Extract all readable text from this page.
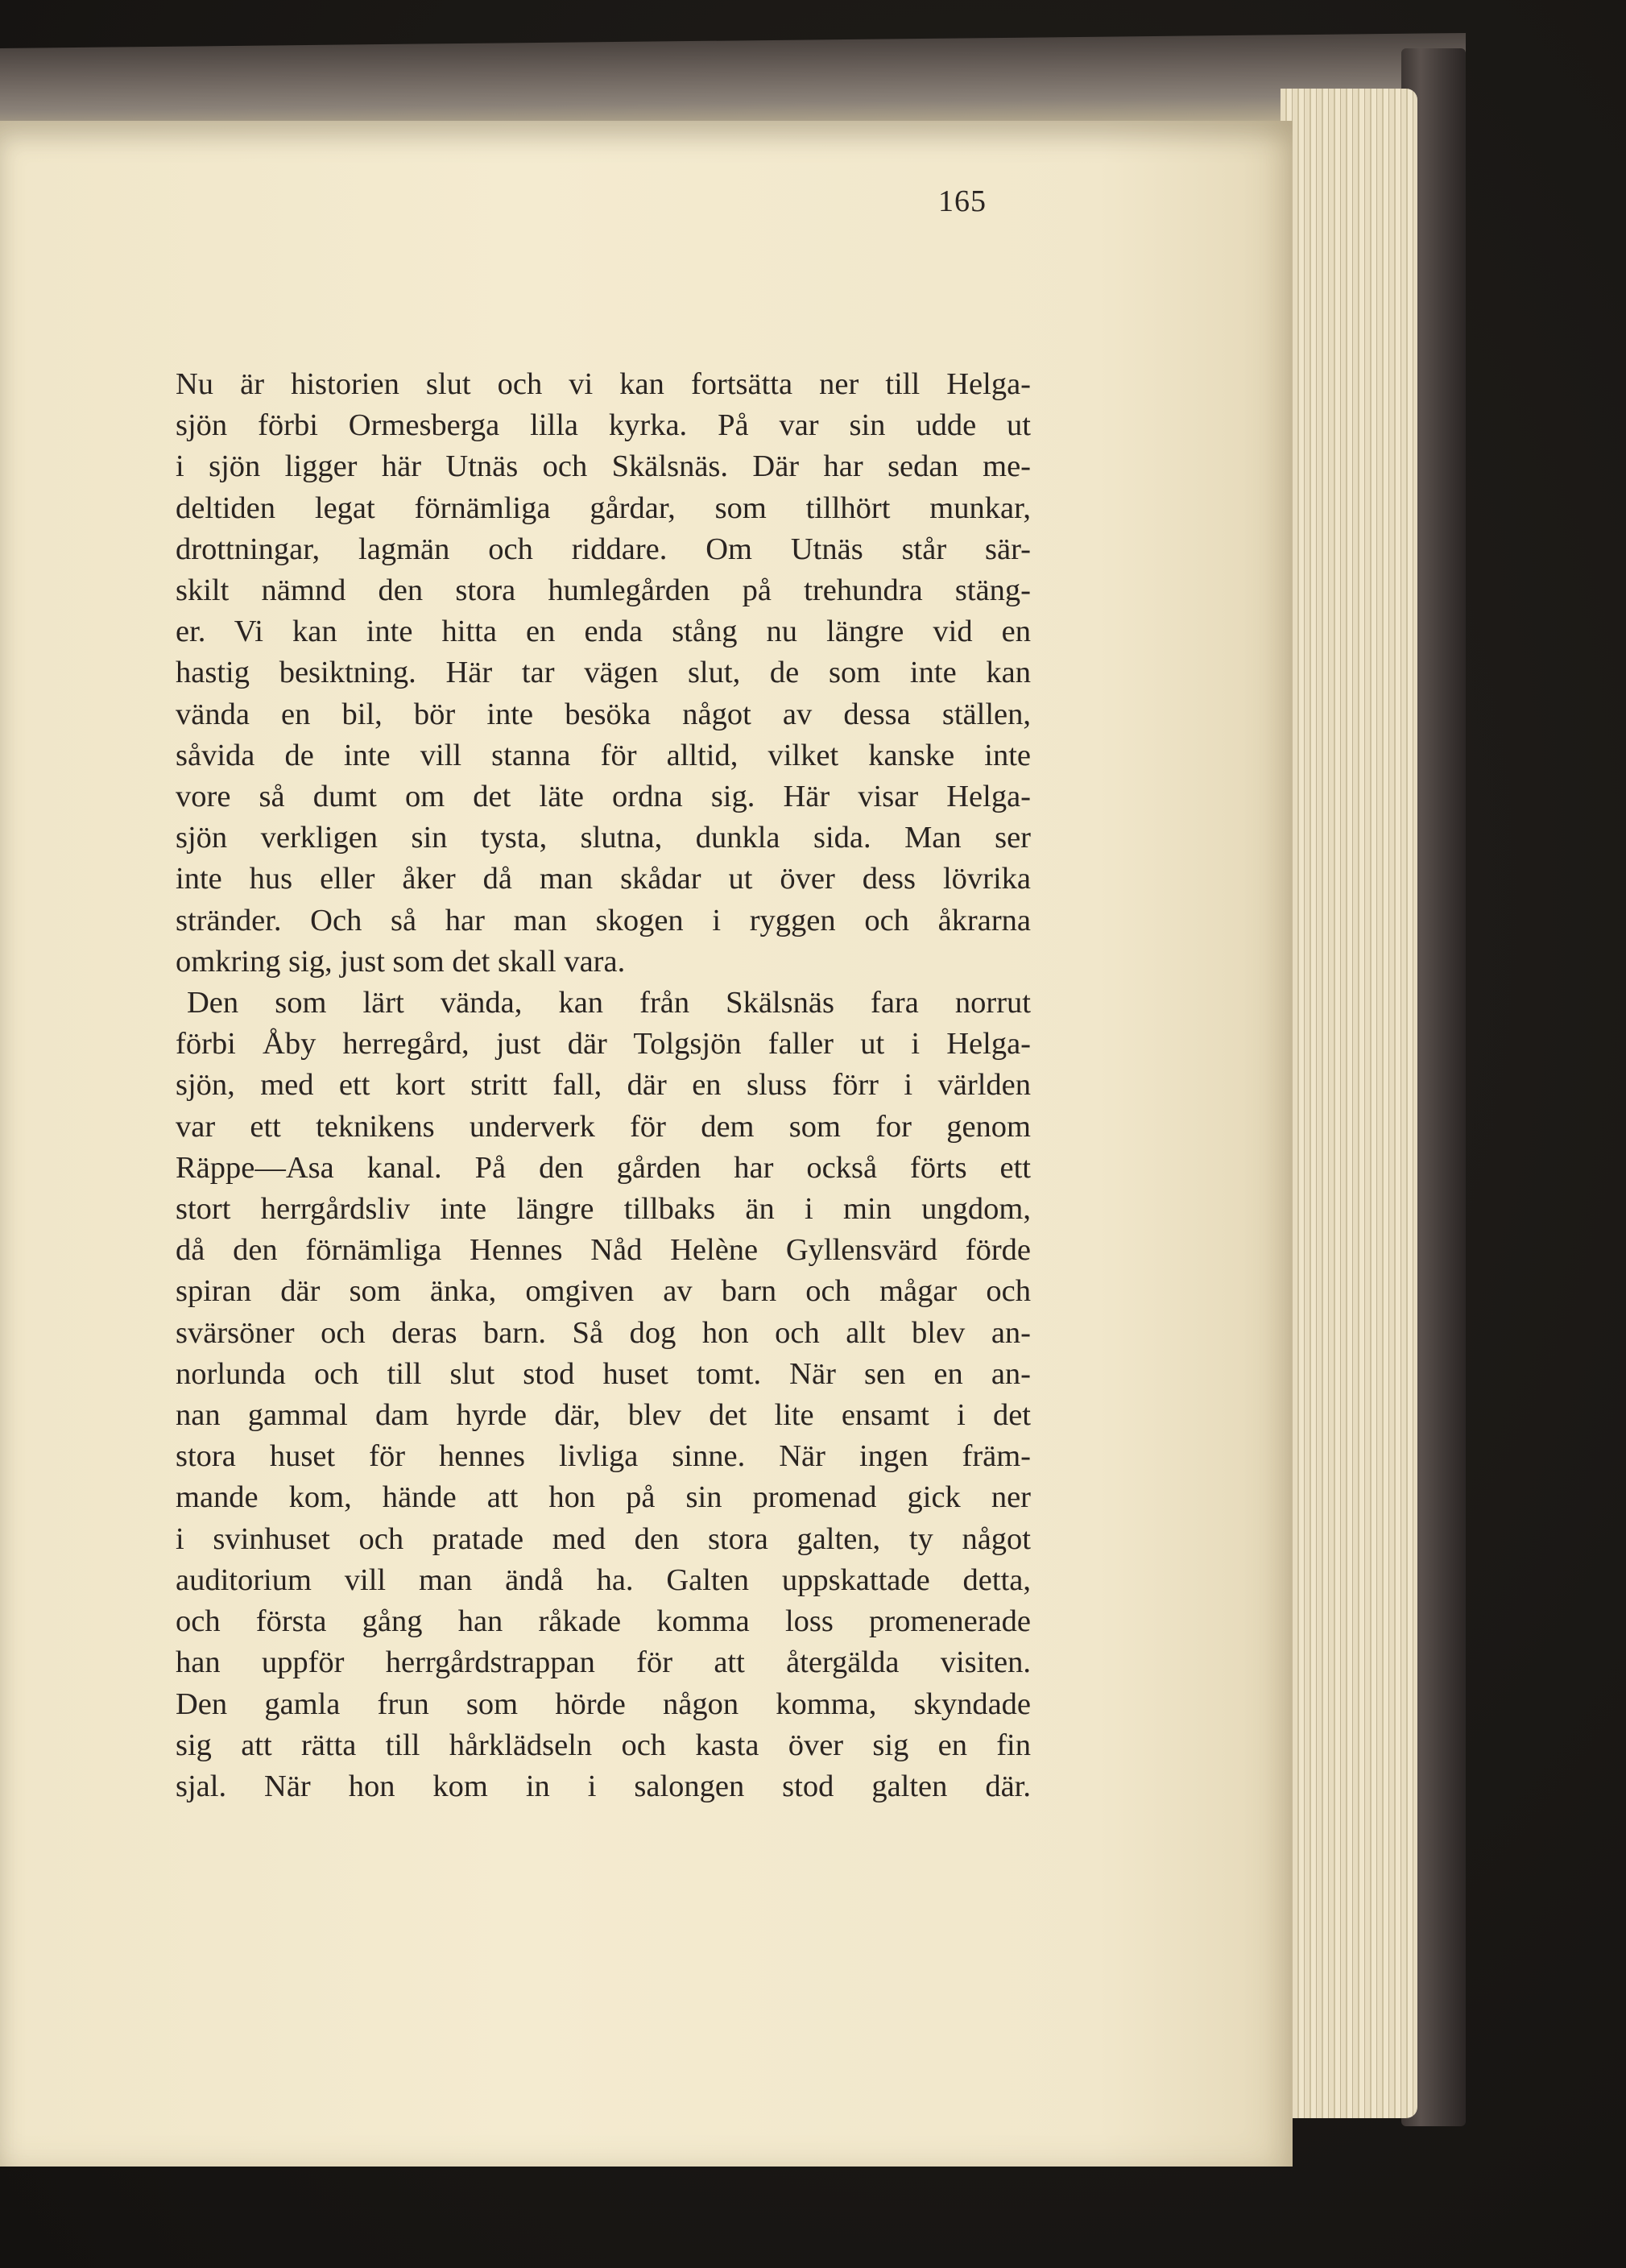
165
Nu är historien slut och vi kan fortsätta ner till Helga-
sjön förbi Ormesberga lilla kyrka. På var sin udde ut
i sjön ligger här Utnäs och Skälsnäs. Där har sedan me-
deltiden legat förnämliga gårdar, som tillhört munkar,
drottningar, lagmän och riddare. Om Utnäs står sär-
skilt nämnd den stora humlegården på trehundra stäng-
er. Vi kan inte hitta en enda stång nu längre vid en
hastig besiktning. Här tar vägen slut, de som inte kan
vända en bil, bör inte besöka något av dessa ställen,
såvida de inte vill stanna för alltid, vilket kanske inte
vore så dumt om det läte ordna sig. Här visar Helga-
sjön verkligen sin tysta, slutna, dunkla sida. Man ser
inte hus eller åker då man skådar ut över dess lövrika
stränder. Och så har man skogen i ryggen och åkrarna
omkring sig, just som det skall vara.
Den som lärt vända, kan från Skälsnäs fara norrut
förbi Åby herregård, just där Tolgsjön faller ut i Helga-
sjön, med ett kort stritt fall, där en sluss förr i världen
var ett teknikens underverk för dem som for genom
Räppe—Asa kanal. På den gården har också förts ett
stort herrgårdsliv inte längre tillbaks än i min ungdom,
då den förnämliga Hennes Nåd Helène Gyllensvärd förde
spiran där som änka, omgiven av barn och mågar och
svärsöner och deras barn. Så dog hon och allt blev an-
norlunda och till slut stod huset tomt. När sen en an-
nan gammal dam hyrde där, blev det lite ensamt i det
stora huset för hennes livliga sinne. När ingen främ-
mande kom, hände att hon på sin promenad gick ner
i svinhuset och pratade med den stora galten, ty något
auditorium vill man ändå ha. Galten uppskattade detta,
och första gång han råkade komma loss promenerade
han uppför herrgårdstrappan för att återgälda visiten.
Den gamla frun som hörde någon komma, skyndade
sig att rätta till hårklädseln och kasta över sig en fin
sjal. När hon kom in i salongen stod galten där.
